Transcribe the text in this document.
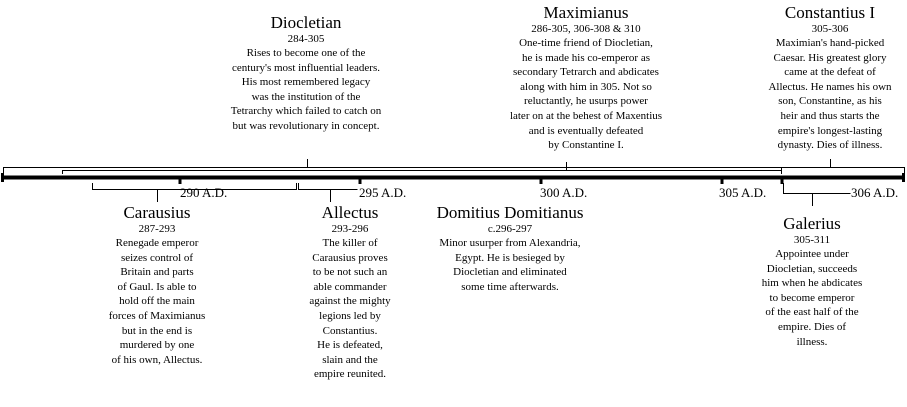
290 A.D.	295 A.D.	300 A.D.	305 A.D.	306 A.D.
Diocletian
284-305
Rises to become one of the
century's most influential leaders.
His most remembered legacy
was the institution of the
Tetrarchy which failed to catch on
but was revolutionary in concept.
Maximianus
286-305, 306-308 & 310
One-time friend of Diocletian,
he is made his co-emperor as
secondary Tetrarch and abdicates
along with him in 305. Not so
reluctantly, he usurps power
later on at the behest of Maxentius
and is eventually defeated
by Constantine I.
Constantius I
305-306
Maximian's hand-picked
Caesar. His greatest glory
came at the defeat of
Allectus. He names his own
son, Constantine, as his
heir and thus starts the
empire's longest-lasting
dynasty. Dies of illness.
Carausius
287-293
Renegade emperor
seizes control of
Britain and parts
of Gaul. Is able to
hold off the main
forces of Maximianus
but in the end is
murdered by one
of his own, Allectus.
Allectus
293-296
The killer of
Carausius proves
to be not such an
able commander
against the mighty
legions led by
Constantius.
He is defeated,
slain and the
empire reunited.
Domitius Domitianus
c.296-297
Minor usurper from Alexandria,
Egypt. He is besieged by
Diocletian and eliminated
some time afterwards.
Galerius
305-311
Appointee under
Diocletian, succeeds
him when he abdicates
to become emperor
of the east half of the
empire. Dies of
illness.
